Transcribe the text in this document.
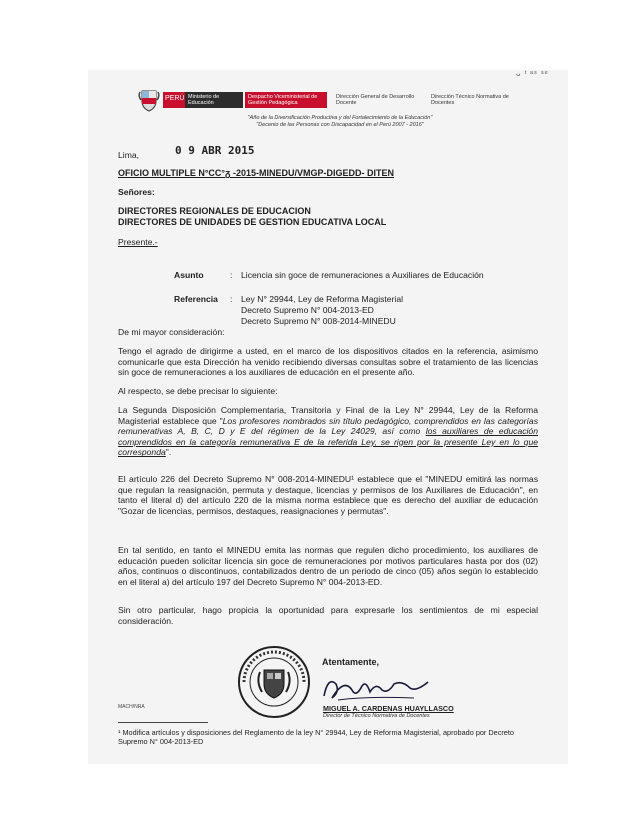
ᴗ ᵗ ᵃˢ ˢᵉ
PERÚ Ministerio de Educación
Despacho Viceministerial de Gestión Pedagógica
Dirección General de Desarrollo Docente
Dirección Técnico Normativa de Docentes
"Año de la Diversificación Productiva y del Fortalecimiento de la Educación"
"Decenio de las Personas con Discapacidad en el Perú 2007 - 2016"
Lima,	0 9 ABR 2015
OFICIO MULTIPLE N°CC°ᵹ -2015-MINEDU/VMGP-DIGEDD- DITEN
Señores:
DIRECTORES REGIONALES DE EDUCACION
DIRECTORES DE UNIDADES DE GESTION EDUCATIVA LOCAL
Presente.-
Asunto	: Licencia sin goce de remuneraciones a Auxiliares de Educación
Referencia : Ley N° 29944, Ley de Reforma Magisterial
Decreto Supremo N° 004-2013-ED
Decreto Supremo N° 008-2014-MINEDU
De mi mayor consideración:
Tengo el agrado de dirigirme a usted, en el marco de los dispositivos citados en la referencia, asimismo comunicarle que esta Dirección ha venido recibiendo diversas consultas sobre el tratamiento de las licencias sin goce de remuneraciones a los auxiliares de educación en el presente año.
Al respecto, se debe precisar lo siguiente:
La Segunda Disposición Complementaria, Transitoria y Final de la Ley N° 29944, Ley de la Reforma Magisterial establece que "Los profesores nombrados sin título pedagógico, comprendidos en las categorías remunerativas A, B, C, D y E del régimen de la Ley 24029, así como los auxiliares de educación comprendidos en la categoría remunerativa E de la referida Ley, se rigen por la presente Ley en lo que corresponda".
El artículo 226 del Decreto Supremo N° 008-2014-MINEDU¹ establece que el "MINEDU emitirá las normas que regulan la reasignación, permuta y destaque, licencias y permisos de los Auxiliares de Educación", en tanto el literal d) del artículo 220 de la misma norma establece que es derecho del auxiliar de educación "Gozar de licencias, permisos, destaques, reasignaciones y permutas".
En tal sentido, en tanto el MINEDU emita las normas que regulen dicho procedimiento, los auxiliares de educación pueden solicitar licencia sin goce de remuneraciones por motivos particulares hasta por dos (02) años, continuos o discontinuos, contabilizados dentro de un periodo de cinco (05) años según lo establecido en el literal a) del artículo 197 del Decreto Supremo N° 004-2013-ED.
Sin otro particular, hago propicia la oportunidad para expresarle los sentimientos de mi especial consideración.
Atentamente,
MIGUEL A. CARDENAS HUAYLLASCO
Director de Técnico Normativa de Docentes
MACH/NRA
¹ Modifica artículos y disposiciones del Reglamento de la ley N° 29944, Ley de Reforma Magisterial, aprobado por Decreto Supremo N° 004-2013-ED
